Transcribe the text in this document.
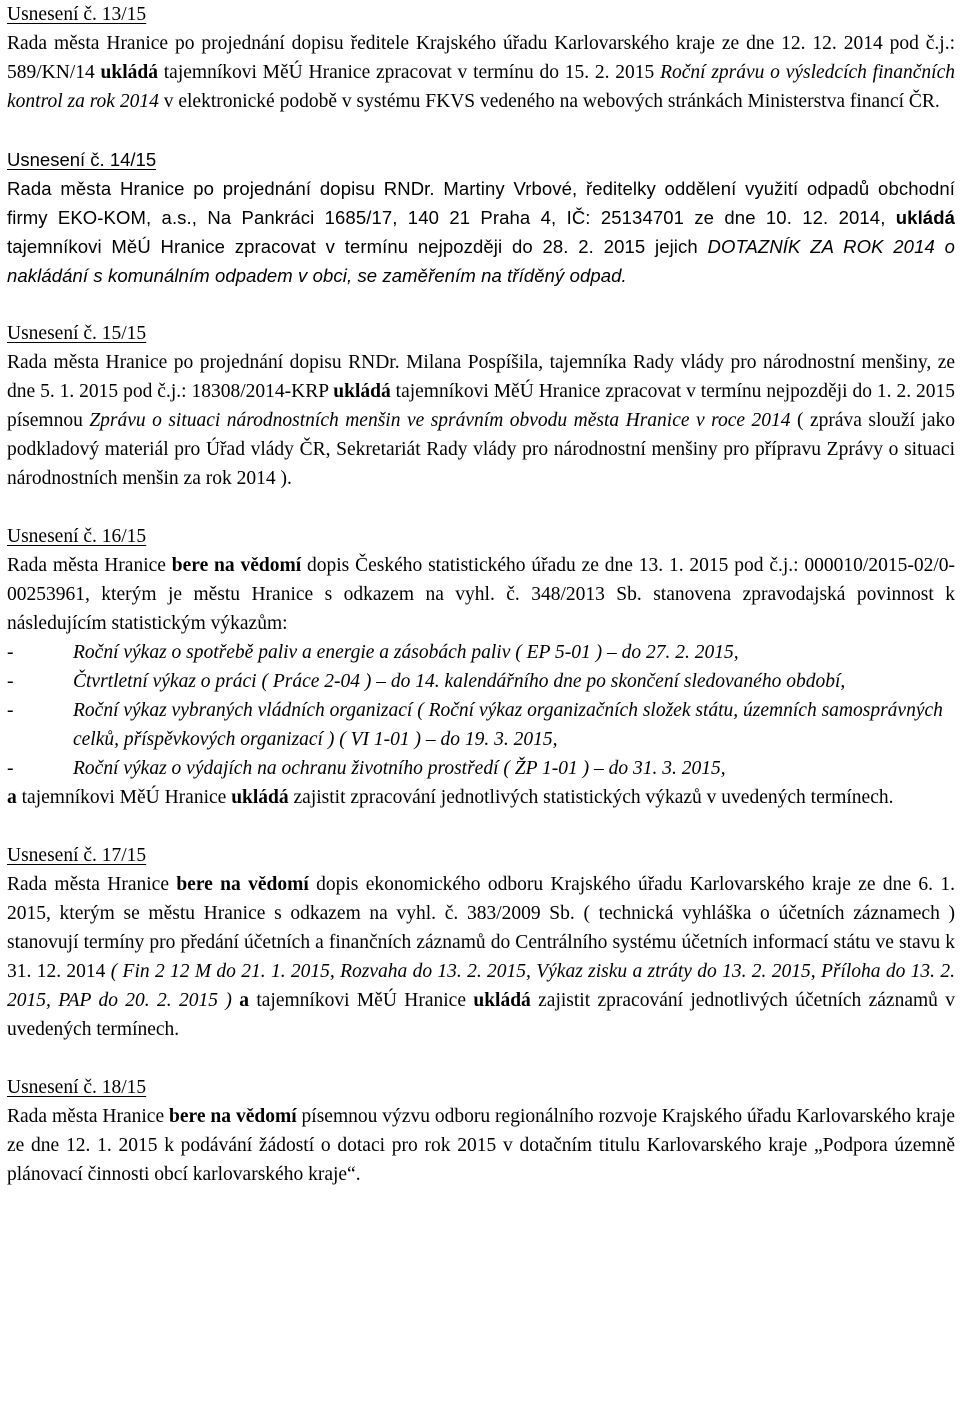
Usnesení č. 13/15

Rada města Hranice po projednání dopisu ředitele Krajského úřadu Karlovarského kraje ze dne 12. 12. 2014 pod č.j.: 589/KN/14 ukládá tajemníkovi MěÚ Hranice zpracovat v termínu do 15. 2. 2015 Roční zprávu o výsledcích finančních kontrol za rok 2014 v elektronické podobě v systému FKVS vedeného na webových stránkách Ministerstva financí ČR.

Usnesení č. 14/15

Rada města Hranice po projednání dopisu RNDr. Martiny Vrbové, ředitelky oddělení využití odpadů obchodní firmy EKO-KOM, a.s., Na Pankráci 1685/17, 140 21 Praha 4, IČ: 25134701 ze dne 10. 12. 2014, ukládá tajemníkovi MěÚ Hranice zpracovat v termínu nejpozději do 28. 2. 2015 jejich DOTAZNÍK ZA ROK 2014 o nakládání s komunálním odpadem v obci, se zaměřením na tříděný odpad.

Usnesení č. 15/15

Rada města Hranice po projednání dopisu RNDr. Milana Pospíšila, tajemníka Rady vlády pro národnostní menšiny, ze dne 5. 1. 2015 pod č.j.: 18308/2014-KRP ukládá tajemníkovi MěÚ Hranice zpracovat v termínu nejpozději do 1. 2. 2015 písemnou Zprávu o situaci národnostních menšin ve správním obvodu města Hranice v roce 2014 ( zpráva slouží jako podkladový materiál pro Úřad vlády ČR, Sekretariát Rady vlády pro národnostní menšiny pro přípravu Zprávy o situaci národnostních menšin za rok 2014 ).

Usnesení č. 16/15

Rada města Hranice bere na vědomí dopis Českého statistického úřadu ze dne 13. 1. 2015 pod č.j.: 000010/2015-02/0-00253961, kterým je městu Hranice s odkazem na vyhl. č. 348/2013 Sb. stanovena zpravodajská povinnost k následujícím statistickým výkazům:

-	Roční výkaz o spotřebě paliv a energie a zásobách paliv ( EP 5-01 ) – do 27. 2. 2015,
-	Čtvrtletní výkaz o práci ( Práce 2-04 ) – do 14. kalendářního dne po skončení sledovaného období,
-	Roční výkaz vybraných vládních organizací ( Roční výkaz organizačních složek státu, územních samosprávných celků, příspěvkových organizací ) ( VI 1-01 ) – do 19. 3. 2015,
-	Roční výkaz o výdajích na ochranu životního prostředí ( ŽP 1-01 ) – do 31. 3. 2015,

a tajemníkovi MěÚ Hranice ukládá zajistit zpracování jednotlivých statistických výkazů v uvedených termínech.

Usnesení č. 17/15

Rada města Hranice bere na vědomí dopis ekonomického odboru Krajského úřadu Karlovarského kraje ze dne 6. 1. 2015, kterým se městu Hranice s odkazem na vyhl. č. 383/2009 Sb. ( technická vyhláška o účetních záznamech ) stanovují termíny pro předání účetních a finančních záznamů do Centrálního systému účetních informací státu ve stavu k 31. 12. 2014 ( Fin 2 12 M do 21. 1. 2015, Rozvaha do 13. 2. 2015, Výkaz zisku a ztráty do 13. 2. 2015, Příloha do 13. 2. 2015, PAP do 20. 2. 2015 ) a tajemníkovi MěÚ Hranice ukládá zajistit zpracování jednotlivých účetních záznamů v uvedených termínech.

Usnesení č. 18/15

Rada města Hranice bere na vědomí písemnou výzvu odboru regionálního rozvoje Krajského úřadu Karlovarského kraje ze dne 12. 1. 2015 k podávání žádostí o dotaci pro rok 2015 v dotačním titulu Karlovarského kraje „Podpora územně plánovací činnosti obcí karlovarského kraje“.
